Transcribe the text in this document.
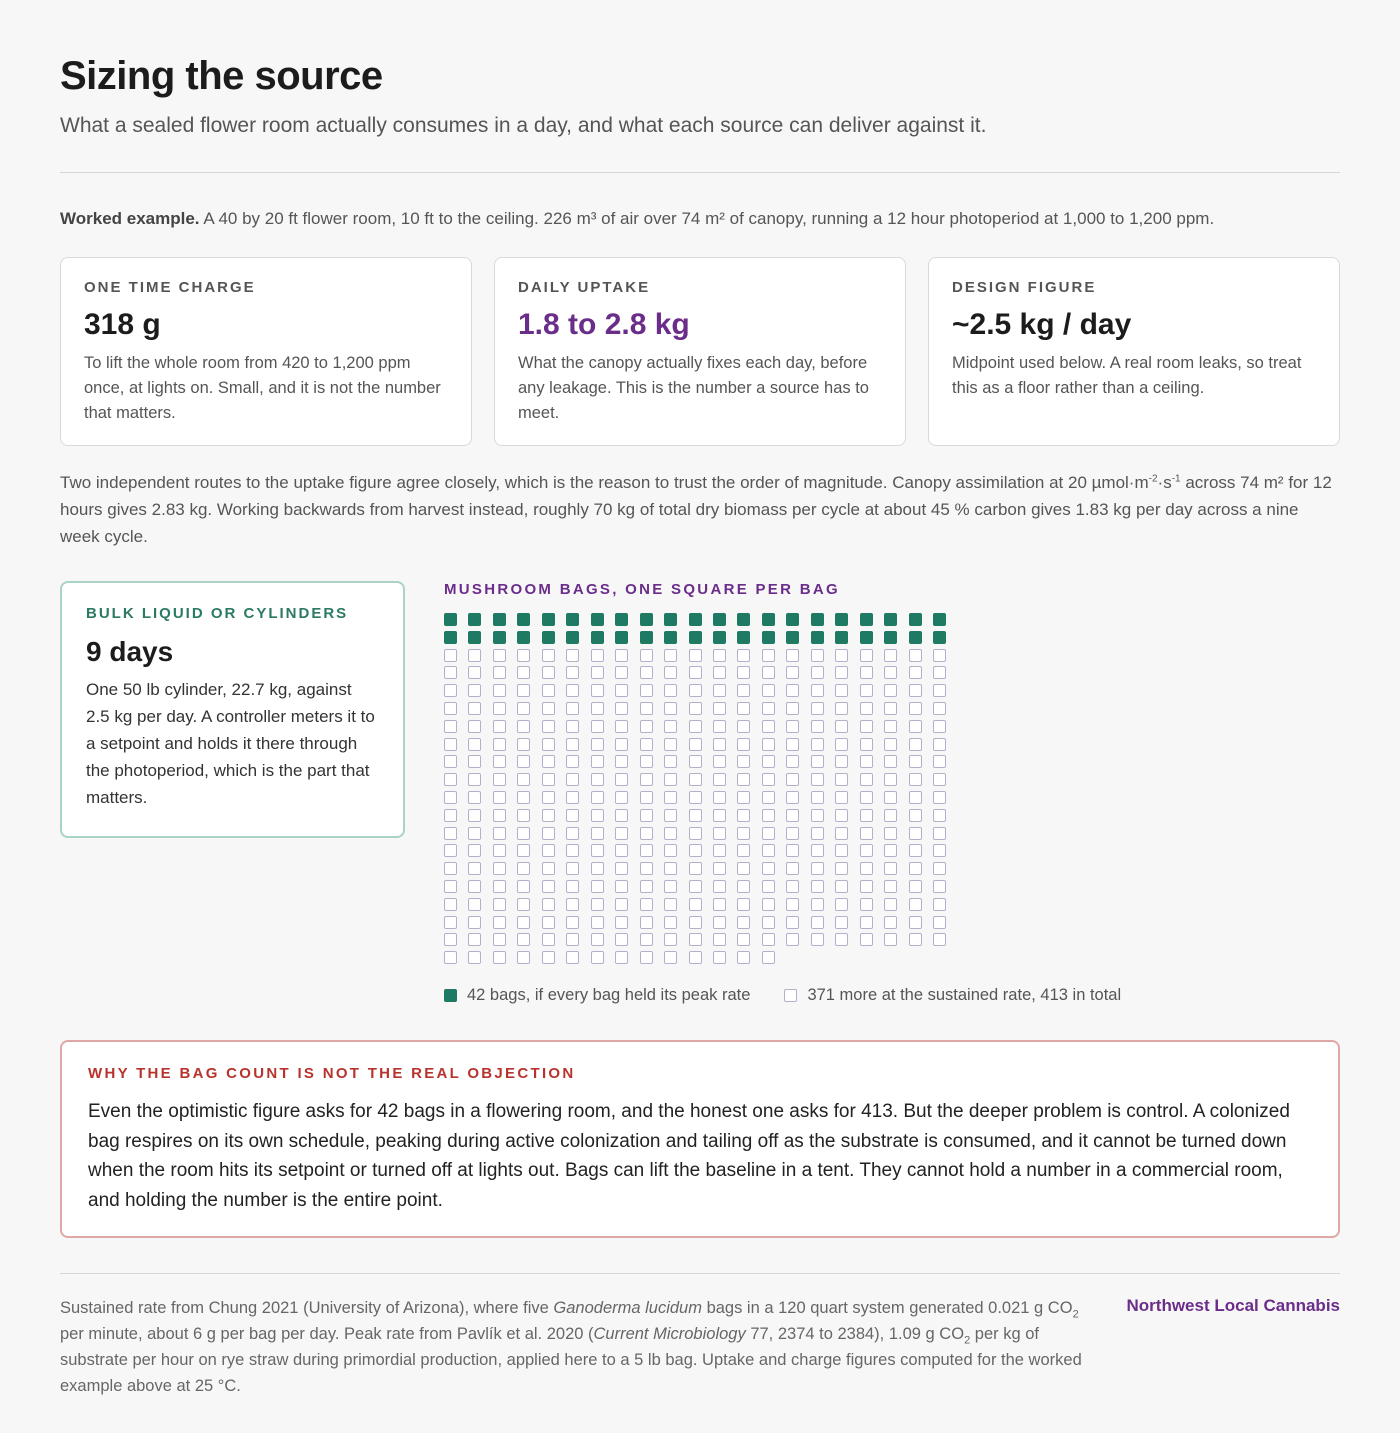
Sizing the source

What a sealed flower room actually consumes in a day, and what each source can deliver against it.

Worked example. A 40 by 20 ft flower room, 10 ft to the ceiling. 226 m³ of air over 74 m² of canopy, running a 12 hour photoperiod at 1,000 to 1,200 ppm.

ONE TIME CHARGE
318 g
To lift the whole room from 420 to 1,200 ppm once, at lights on. Small, and it is not the number that matters.
DAILY UPTAKE
1.8 to 2.8 kg
What the canopy actually fixes each day, before any leakage. This is the number a source has to meet.
DESIGN FIGURE
~2.5 kg / day
Midpoint used below. A real room leaks, so treat this as a floor rather than a ceiling.

Two independent routes to the uptake figure agree closely, which is the reason to trust the order of magnitude. Canopy assimilation at 20 $\mu mol\cdot m^{-2}\cdot s^{-1}$ across 74 m² for 12 hours gives 2.83 kg. Working backwards from harvest instead, roughly 70 kg of total dry biomass per cycle at about 45 % carbon gives 1.83 kg per day across a nine week cycle.

BULK LIQUID OR CYLINDERS
9 days
One 50 lb cylinder, 22.7 kg, against 2.5 kg per day. A controller meters it to a setpoint and holds it there through the photoperiod, which is the part that matters.
MUSHROOM BAGS, ONE SQUARE PER BAG
42 bags, if every bag held its peak rate	371 more at the sustained rate, 413 in total
WHY THE BAG COUNT IS NOT THE REAL OBJECTION
Even the optimistic figure asks for 42 bags in a flowering room, and the honest one asks for 413. But the deeper problem is control. A colonized bag respires on its own schedule, peaking during active colonization and tailing off as the substrate is consumed, and it cannot be turned down when the room hits its setpoint or turned off at lights out. Bags can lift the baseline in a tent. They cannot hold a number in a commercial room, and holding the number is the entire point.

Sustained rate from Chung 2021 (University of Arizona), where five Ganoderma lucidum bags in a 120 quart system generated 0.021 g $CO_2$ per minute, about 6 g per bag per day. Peak rate from Pavlík et al. 2020 (Current Microbiology 77, 2374 to 2384), 1.09 g $CO_2$ per kg of substrate per hour on rye straw during primordial production, applied here to a 5 lb bag. Uptake and charge figures computed for the worked example above at 25 °C.

Northwest Local Cannabis
